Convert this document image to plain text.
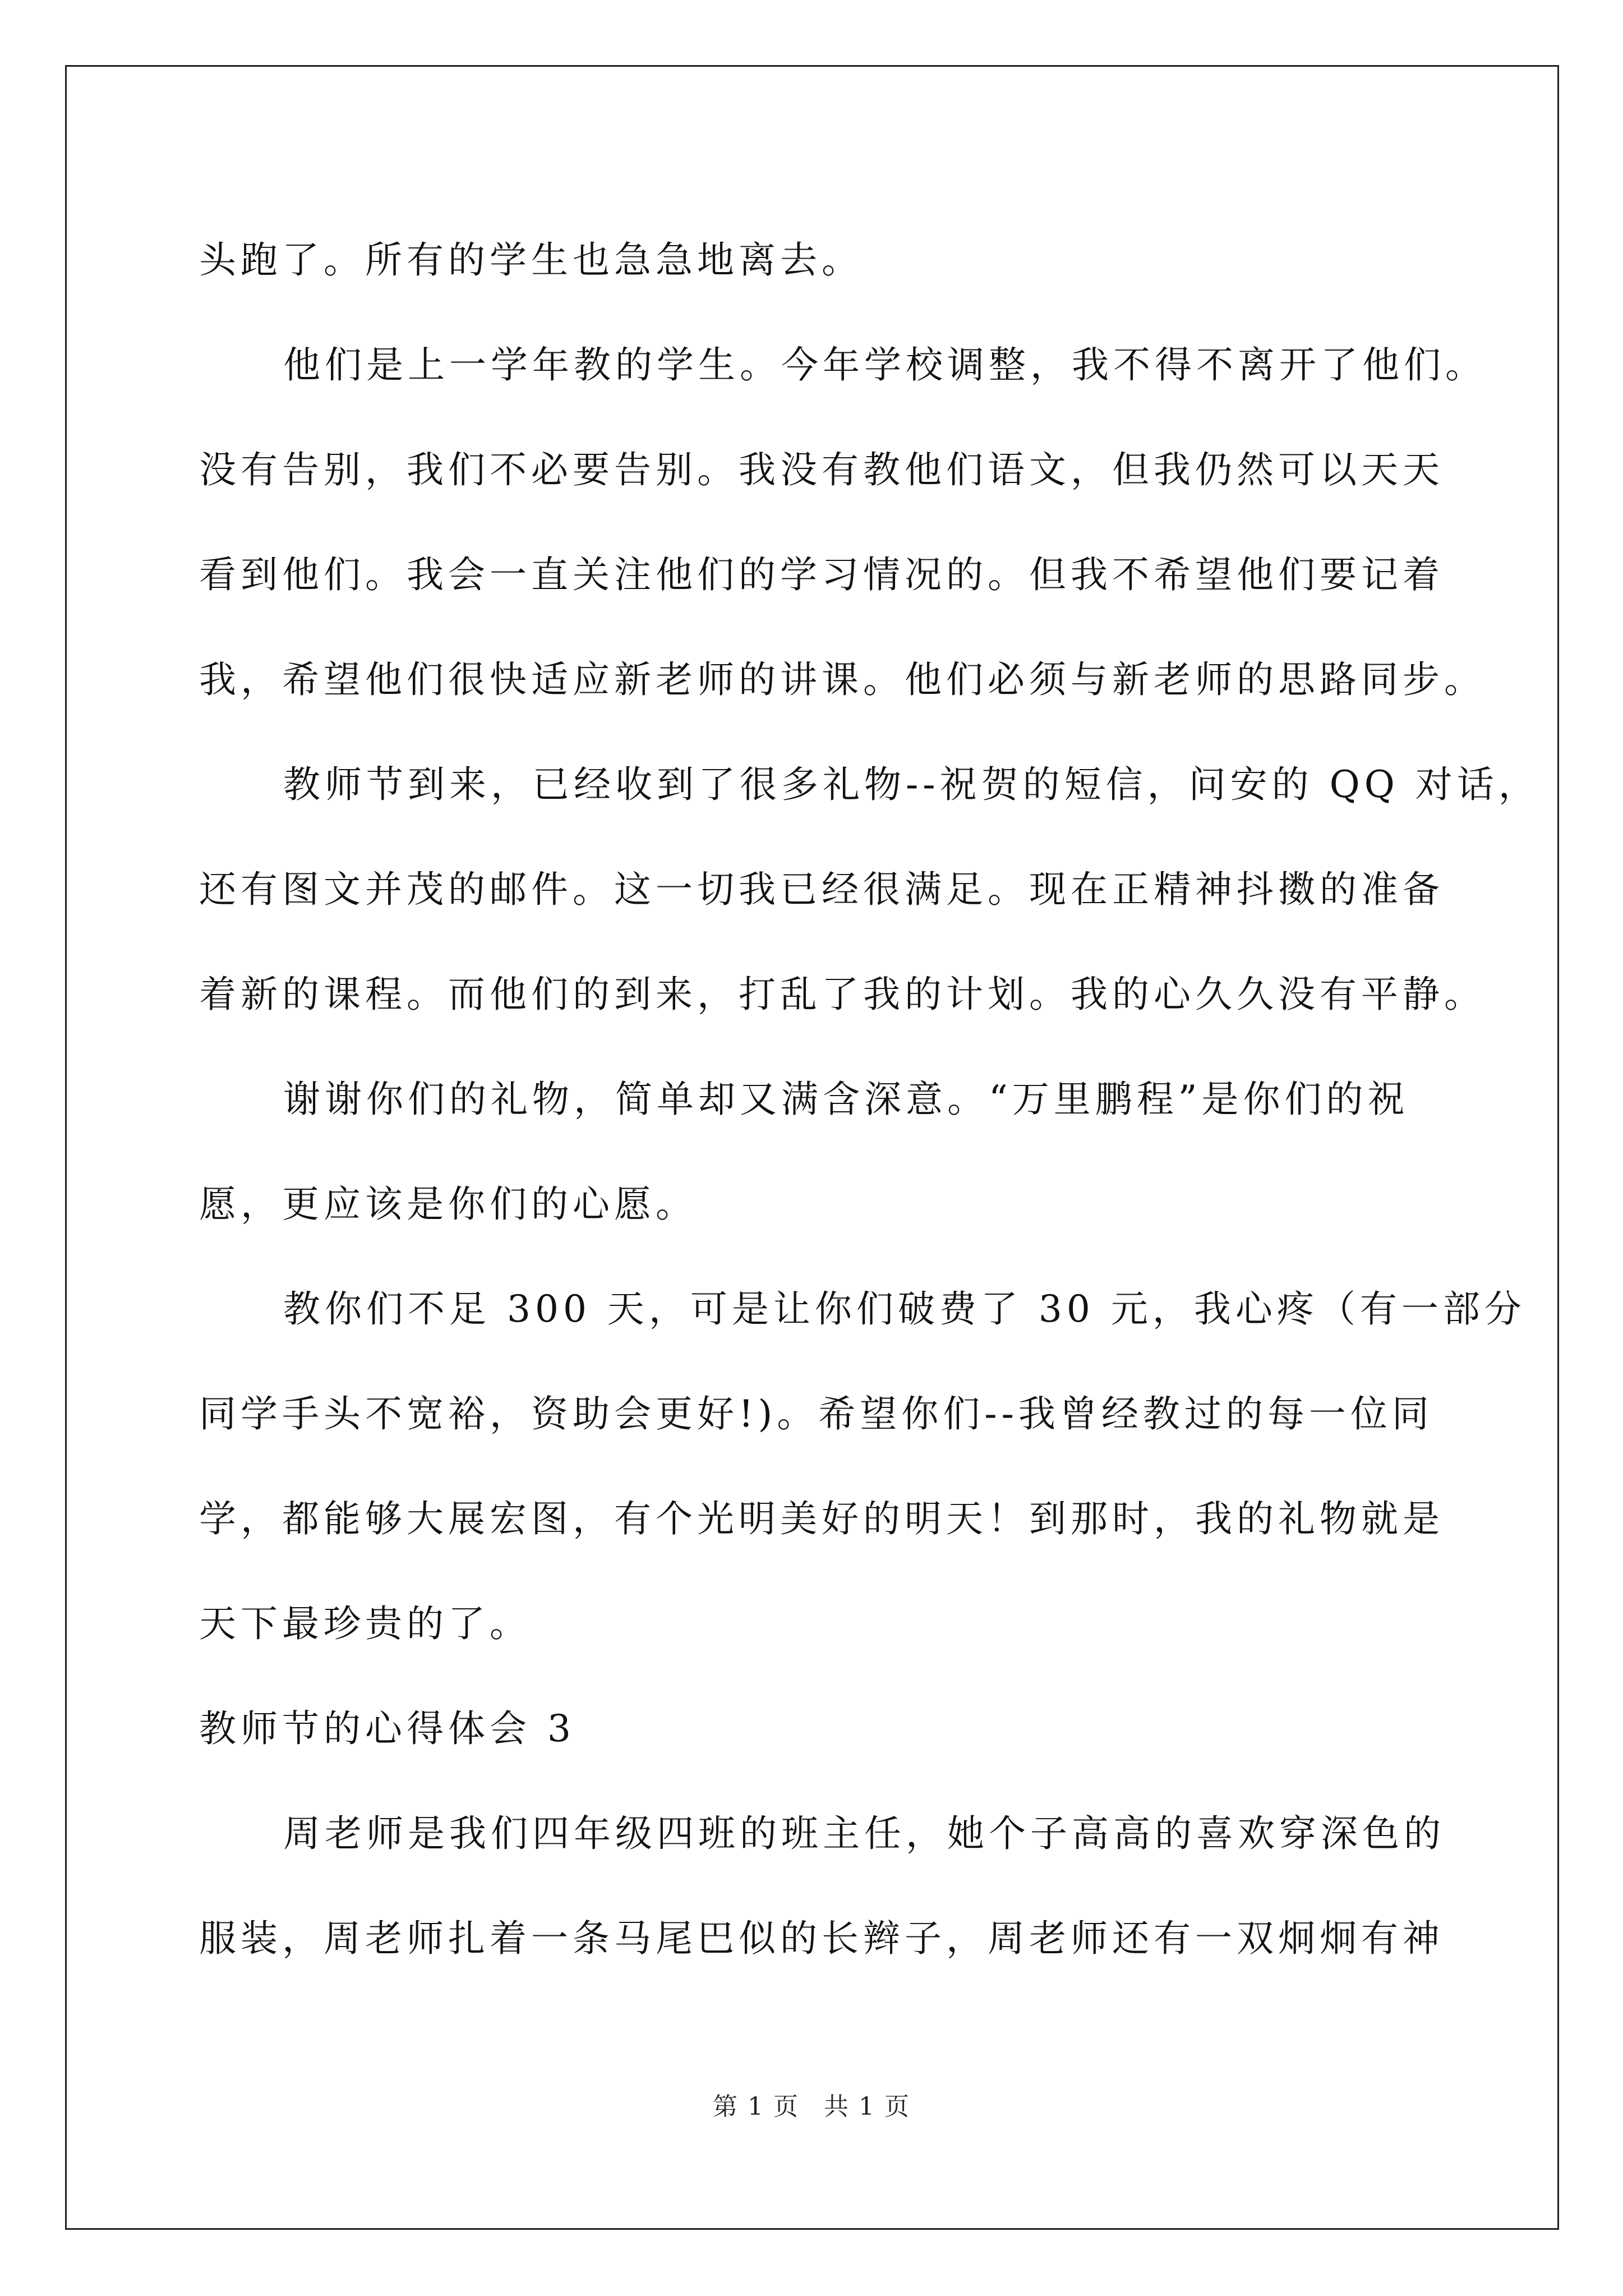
头跑了。所有的学生也急急地离去。
他们是上一学年教的学生。今年学校调整，我不得不离开了他们。
没有告别，我们不必要告别。我没有教他们语文，但我仍然可以天天
看到他们。我会一直关注他们的学习情况的。但我不希望他们要记着
我，希望他们很快适应新老师的讲课。他们必须与新老师的思路同步。
教师节到来，已经收到了很多礼物--祝贺的短信，问安的 QQ 对话，
还有图文并茂的邮件。这一切我已经很满足。现在正精神抖擞的准备
着新的课程。而他们的到来，打乱了我的计划。我的心久久没有平静。
谢谢你们的礼物，简单却又满含深意。“万里鹏程”是你们的祝
愿，更应该是你们的心愿。
教你们不足 300 天，可是让你们破费了 30 元，我心疼（有一部分
同学手头不宽裕，资助会更好!)。希望你们--我曾经教过的每一位同
学，都能够大展宏图，有个光明美好的明天！到那时，我的礼物就是
天下最珍贵的了。
教师节的心得体会 3
周老师是我们四年级四班的班主任，她个子高高的喜欢穿深色的
服装，周老师扎着一条马尾巴似的长辫子，周老师还有一双炯炯有神
第 1 页 共 1 页
